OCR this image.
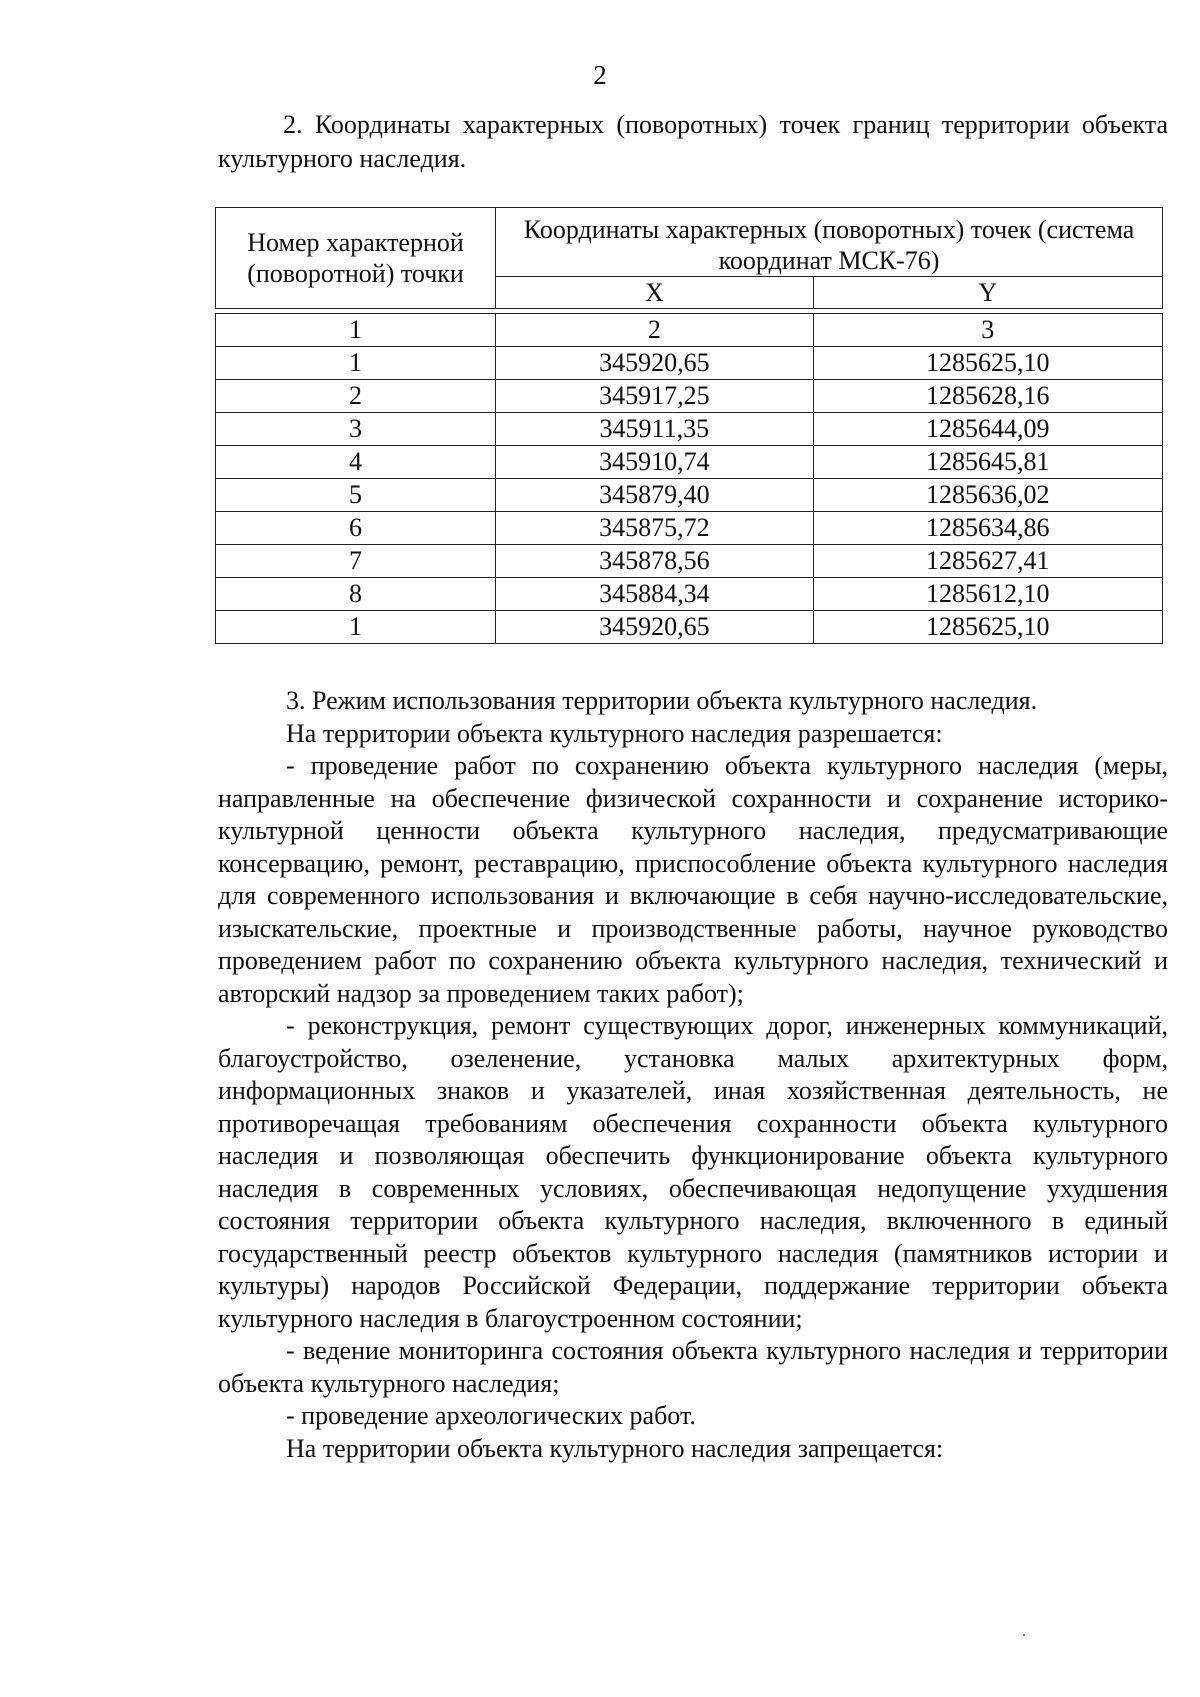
2

2. Координаты характерных (поворотных) точек границ территории объекта культурного наследия.

Номер характерной (поворотной) точки	Координаты характерных (поворотных) точек (система координат МСК-76)	
	X	Y

1	2	3
1	345920,65	1285625,10
2	345917,25	1285628,16
3	345911,35	1285644,09
4	345910,74	1285645,81
5	345879,40	1285636,02
6	345875,72	1285634,86
7	345878,56	1285627,41
8	345884,34	1285612,10
1	345920,65	1285625,10

3. Режим использования территории объекта культурного наследия.

На территории объекта культурного наследия разрешается:

- проведение работ по сохранению объекта культурного наследия (меры, направленные на обеспечение физической сохранности и сохранение историко-культурной ценности объекта культурного наследия, предусматривающие консервацию, ремонт, реставрацию, приспособление объекта культурного наследия для современного использования и включающие в себя научно-исследовательские, изыскательские, проектные и производственные работы, научное руководство проведением работ по сохранению объекта культурного наследия, технический и авторский надзор за проведением таких работ);

- реконструкция, ремонт существующих дорог, инженерных коммуникаций, благоустройство, озеленение, установка малых архитектурных форм, информационных знаков и указателей, иная хозяйственная деятельность, не противоречащая требованиям обеспечения сохранности объекта культурного наследия и позволяющая обеспечить функционирование объекта культурного наследия в современных условиях, обеспечивающая недопущение ухудшения состояния территории объекта культурного наследия, включенного в единый государственный реестр объектов культурного наследия (памятников истории и культуры) народов Российской Федерации, поддержание территории объекта культурного наследия в благоустроенном состоянии;

- ведение мониторинга состояния объекта культурного наследия и территории объекта культурного наследия;

- проведение археологических работ.

На территории объекта культурного наследия запрещается:
